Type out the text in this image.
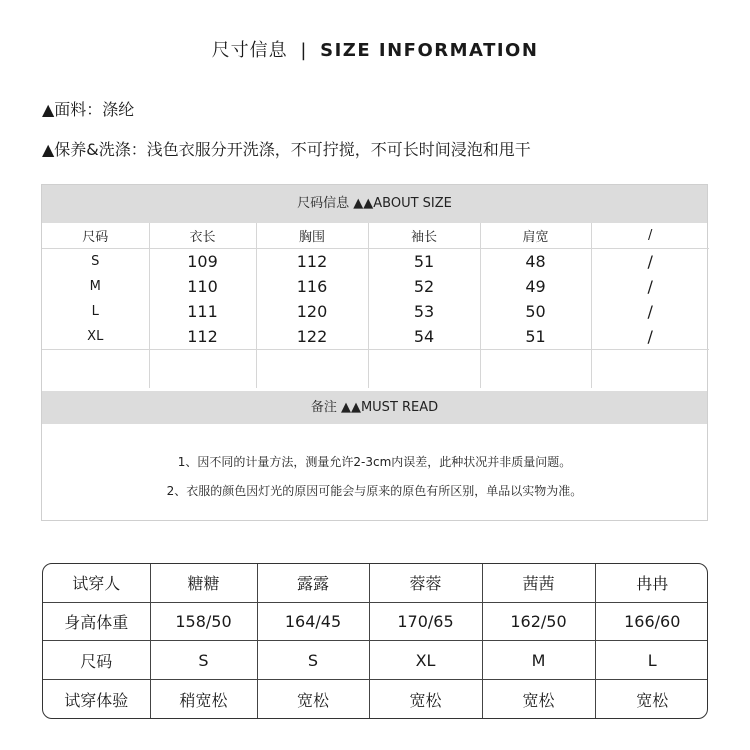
尺寸信息 | SIZE INFORMATION
▲面料：涤纶
▲保养&洗涤：浅色衣服分开洗涤，不可拧搅，不可长时间浸泡和甩干
尺码信息 ▲▲ABOUT SIZE
尺码	衣长	胸围	袖长	肩宽	/
S	109	112	51	48	/
M	110	116	52	49	/
L	111	120	53	50	/
XL	112	122	54	51	/

备注 ▲▲MUST READ
1、因不同的计量方法，测量允许2-3cm内误差，此种状况并非质量问题。
2、衣服的颜色因灯光的原因可能会与原来的原色有所区别，单品以实物为准。
试穿人	糖糖	露露	蓉蓉	茜茜	冉冉
身高体重	158/50	164/45	170/65	162/50	166/60
尺码	S	S	XL	M	L
试穿体验	稍宽松	宽松	宽松	宽松	宽松
